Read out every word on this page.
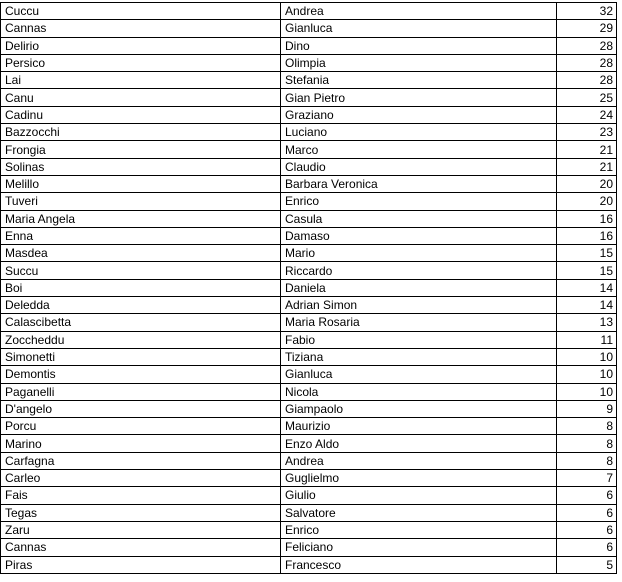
Cuccu	Andrea	32
Cannas	Gianluca	29
Delirio	Dino	28
Persico	Olimpia	28
Lai	Stefania	28
Canu	Gian Pietro	25
Cadinu	Graziano	24
Bazzocchi	Luciano	23
Frongia	Marco	21
Solinas	Claudio	21
Melillo	Barbara Veronica	20
Tuveri	Enrico	20
Maria Angela	Casula	16
Enna	Damaso	16
Masdea	Mario	15
Succu	Riccardo	15
Boi	Daniela	14
Deledda	Adrian Simon	14
Calascibetta	Maria Rosaria	13
Zoccheddu	Fabio	11
Simonetti	Tiziana	10
Demontis	Gianluca	10
Paganelli	Nicola	10
D'angelo	Giampaolo	9
Porcu	Maurizio	8
Marino	Enzo Aldo	8
Carfagna	Andrea	8
Carleo	Guglielmo	7
Fais	Giulio	6
Tegas	Salvatore	6
Zaru	Enrico	6
Cannas	Feliciano	6
Piras	Francesco	5
